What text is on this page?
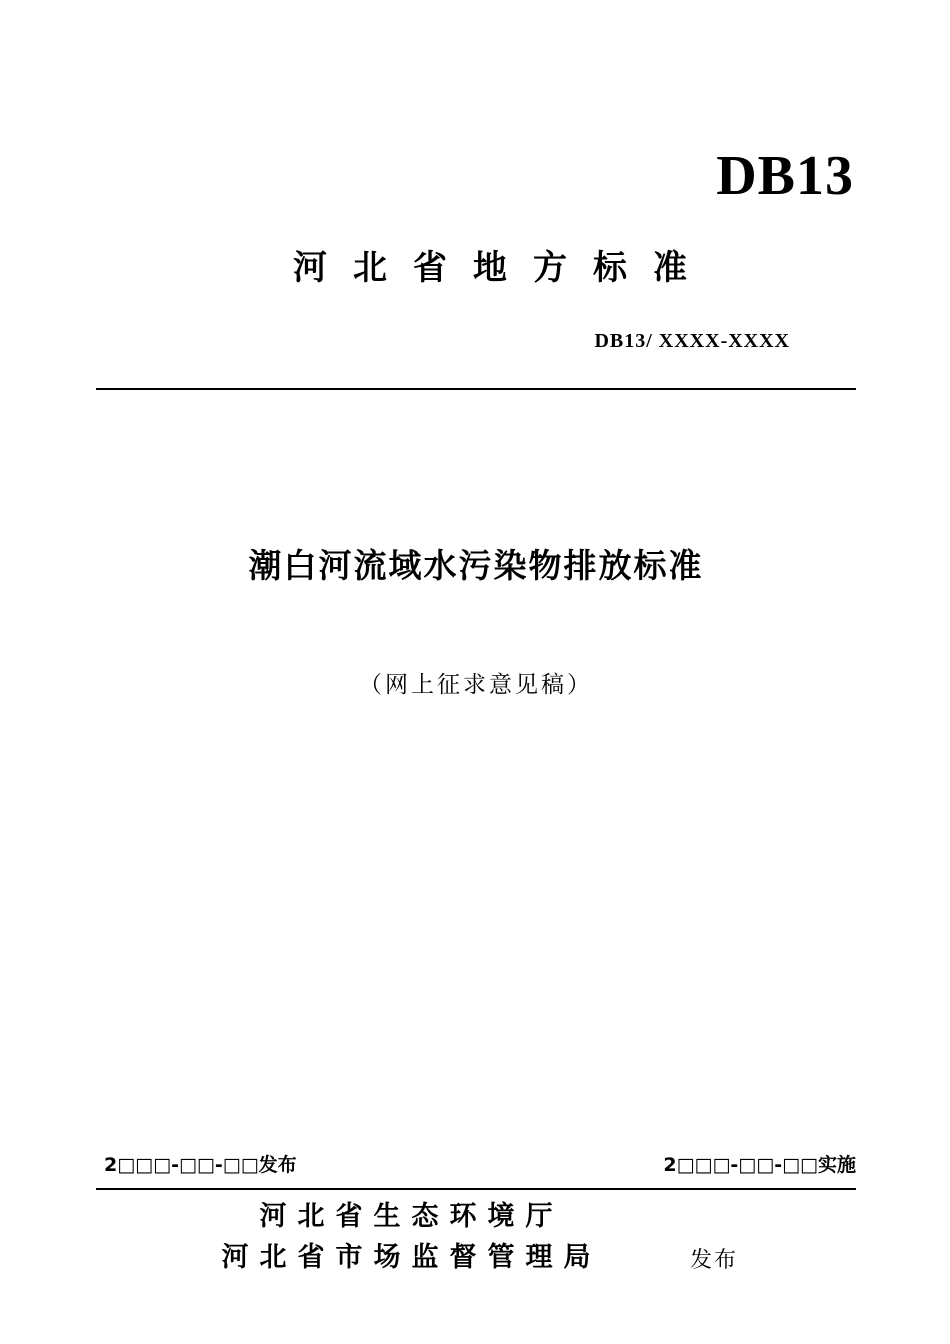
DB13
河北省地方标准
DB13/ XXXX-XXXX
潮白河流域水污染物排放标准
（网上征求意见稿）
2□□□-□□-□□发布	2□□□-□□-□□实施
河北省生态环境厅
河北省市场监督管理局	发布
